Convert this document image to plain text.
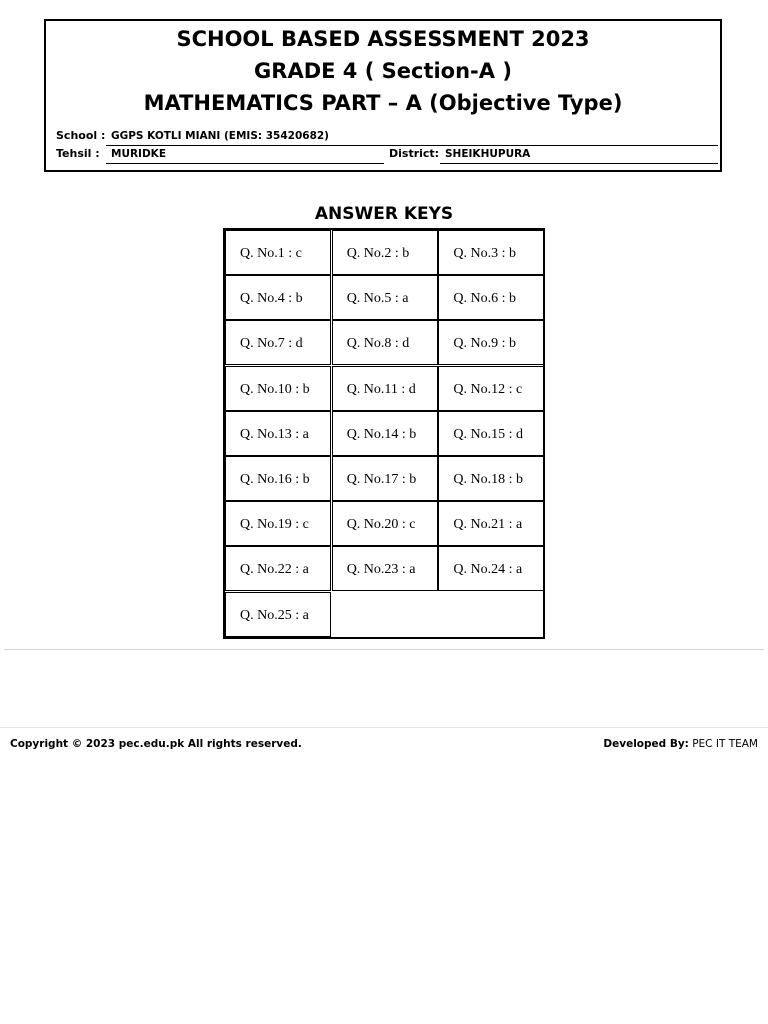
SCHOOL BASED ASSESSMENT 2023
GRADE 4 ( Section-A )
MATHEMATICS PART – A (Objective Type)
School : GGPS KOTLI MIANI (EMIS: 35420682)
Tehsil :	MURIDKE	District: SHEIKHUPURA
ANSWER KEYS
Q. No.1 : c	Q. No.2 : b	Q. No.3 : b
Q. No.4 : b	Q. No.5 : a	Q. No.6 : b
Q. No.7 : d	Q. No.8 : d	Q. No.9 : b
Q. No.10 : b	Q. No.11 : d	Q. No.12 : c
Q. No.13 : a	Q. No.14 : b	Q. No.15 : d
Q. No.16 : b	Q. No.17 : b	Q. No.18 : b
Q. No.19 : c	Q. No.20 : c	Q. No.21 : a
Q. No.22 : a	Q. No.23 : a	Q. No.24 : a
Q. No.25 : a
Copyright © 2023 pec.edu.pk All rights reserved.	Developed By: PEC IT TEAM
